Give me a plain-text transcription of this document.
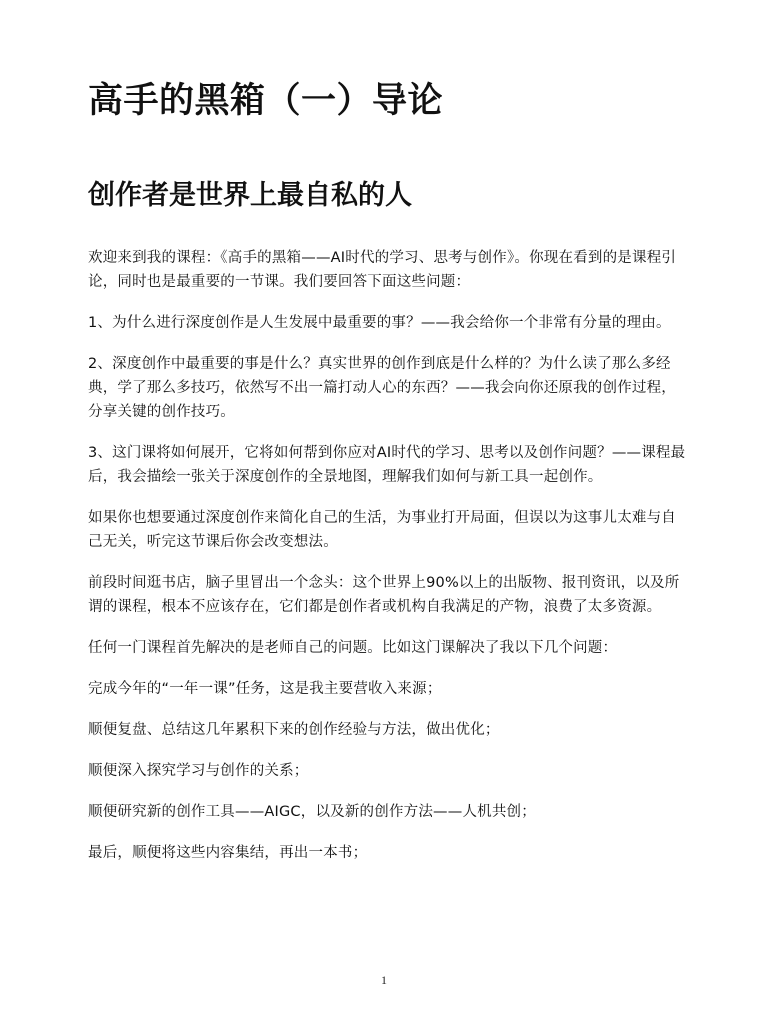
高手的黑箱（一）导论
创作者是世界上最自私的人

欢迎来到我的课程：《高手的黑箱——AI时代的学习、思考与创作》。你现在看到的是课程引论，同时也是最重要的一节课。我们要回答下面这些问题：

1、为什么进行深度创作是人生发展中最重要的事？——我会给你一个非常有分量的理由。

2、深度创作中最重要的事是什么？真实世界的创作到底是什么样的？为什么读了那么多经典，学了那么多技巧，依然写不出一篇打动人心的东西？——我会向你还原我的创作过程，分享关键的创作技巧。

3、这门课将如何展开，它将如何帮到你应对AI时代的学习、思考以及创作问题？——课程最后，我会描绘一张关于深度创作的全景地图，理解我们如何与新工具一起创作。

如果你也想要通过深度创作来简化自己的生活，为事业打开局面，但误以为这事儿太难与自己无关，听完这节课后你会改变想法。

前段时间逛书店，脑子里冒出一个念头：这个世界上90%以上的出版物、报刊资讯，以及所谓的课程，根本不应该存在，它们都是创作者或机构自我满足的产物，浪费了太多资源。

任何一门课程首先解决的是老师自己的问题。比如这门课解决了我以下几个问题：

完成今年的“一年一课”任务，这是我主要营收入来源；

顺便复盘、总结这几年累积下来的创作经验与方法，做出优化；

顺便深入探究学习与创作的关系；

顺便研究新的创作工具——AIGC，以及新的创作方法——人机共创；

最后，顺便将这些内容集结，再出一本书；

1
